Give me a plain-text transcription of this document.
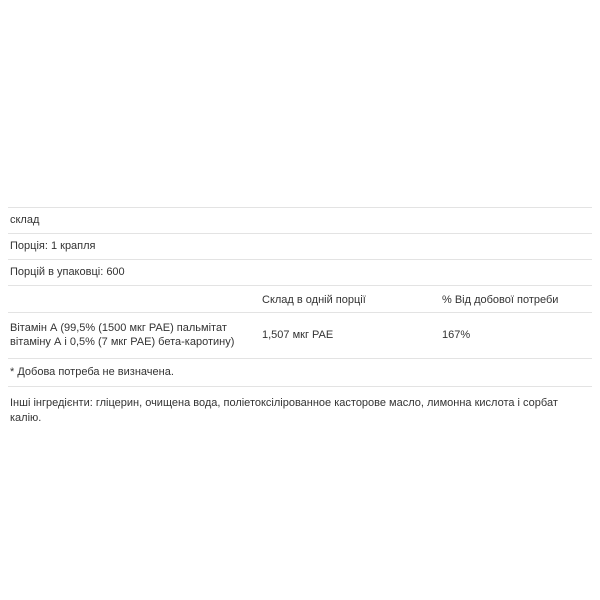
склад
Порція: 1 крапля
Порцій в упаковці: 600
Склад в одній порції	% Від добової потреби
Вітамін А (99,5% (1500 мкг PAE) пальмітат вітаміну А і 0,5% (7 мкг PAE) бета-каротину)
1,507 мкг PAE	167%
* Добова потреба не визначена.
Інші інгредієнти: гліцерин, очищена вода, поліетоксілірованное касторове масло, лимонна кислота і сорбат калію.
